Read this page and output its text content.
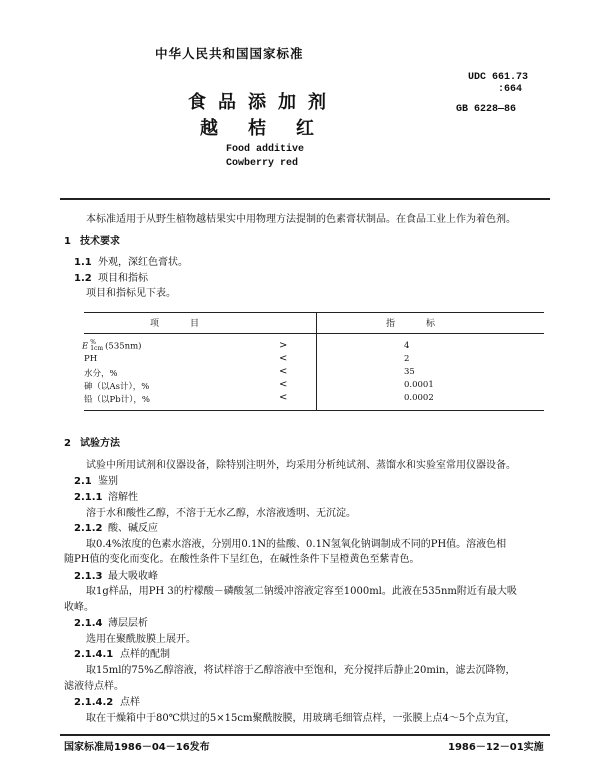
中华人民共和国国家标准
UDC 661.73
:664
GB 6228—86
食品添加剂
越桔红
Food additive
Cowberry red
本标准适用于从野生植物越桔果实中用物理方法提制的色素膏状制品。在食品工业上作为着色剂。
1 技术要求
1.1 外观，深红色膏状。
1.2 项目和指标
项目和指标见下表。
项　　　目	指　　　标
E %
1cm (535nm)	>	4
PH	<	2
水分，%	<	35
砷（以As计），%	<	0.0001
铅（以Pb计），%	<	0.0002
2 试验方法
试验中所用试剂和仪器设备，除特别注明外，均采用分析纯试剂、蒸馏水和实验室常用仪器设备。
2.1 鉴别
2.1.1 溶解性
溶于水和酸性乙醇，不溶于无水乙醇，水溶液透明、无沉淀。
2.1.2 酸、碱反应
取0.4%浓度的色素水溶液，分别用0.1N的盐酸、0.1N氢氧化钠调制成不同的PH值。溶液色相
随PH值的变化而变化。在酸性条件下呈红色，在碱性条件下呈橙黄色至紫青色。
2.1.3 最大吸收峰
取1g样品，用PH 3的柠檬酸－磷酸氢二钠缓冲溶液定容至1000ml。此液在535nm附近有最大吸
收峰。
2.1.4 薄层层析
选用在聚酰胺膜上展开。
2.1.4.1 点样的配制
取15ml的75%乙醇溶液，将试样溶于乙醇溶液中至饱和，充分搅拌后静止20min，滤去沉降物，
滤液待点样。
2.1.4.2 点样
取在干燥箱中于80℃烘过的5×15cm聚酰胺膜，用玻璃毛细管点样，一张膜上点4～5个点为宜，
国家标准局1986－04－16发布	1986－12－01实施
